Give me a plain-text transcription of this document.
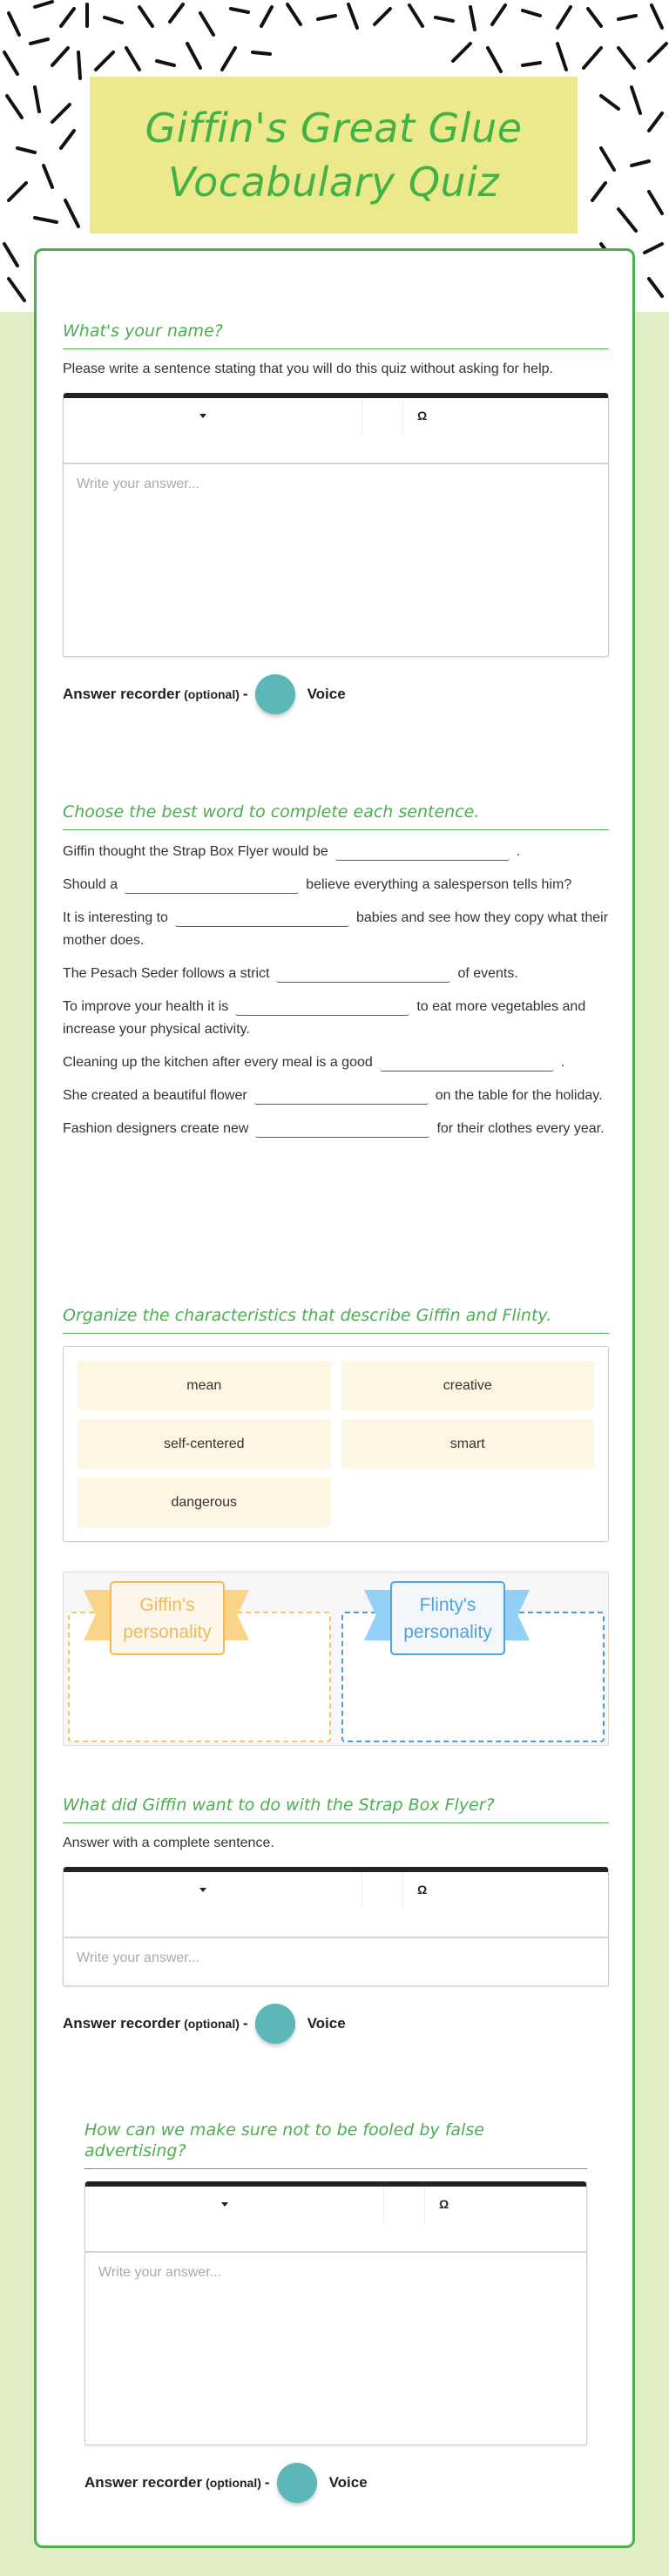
Giffin's Great Glue
Vocabulary Quiz
What's your name?
Please write a sentence stating that you will do this quiz without asking for help.
Ω
Write your answer...
Answer recorder (optional) -	Voice
Choose the best word to complete each sentence.
Giffin thought the Strap Box Flyer would be	.
Should a	believe everything a salesperson tells him?
It is interesting to	babies and see how they copy what their mother does.
The Pesach Seder follows a strict	of events.
To improve your health it is	to eat more vegetables and increase your physical activity.
Cleaning up the kitchen after every meal is a good	.
She created a beautiful flower	on the table for the holiday.
Fashion designers create new	for their clothes every year.
Organize the characteristics that describe Giffin and Flinty.
mean	creative
self-centered	smart
dangerous
Giffin's personality
Flinty's personality
What did Giffin want to do with the Strap Box Flyer?
Answer with a complete sentence.
Ω
Write your answer...
Answer recorder (optional) -	Voice
How can we make sure not to be fooled by false advertising?
Ω
Write your answer...
Answer recorder (optional) -	Voice
